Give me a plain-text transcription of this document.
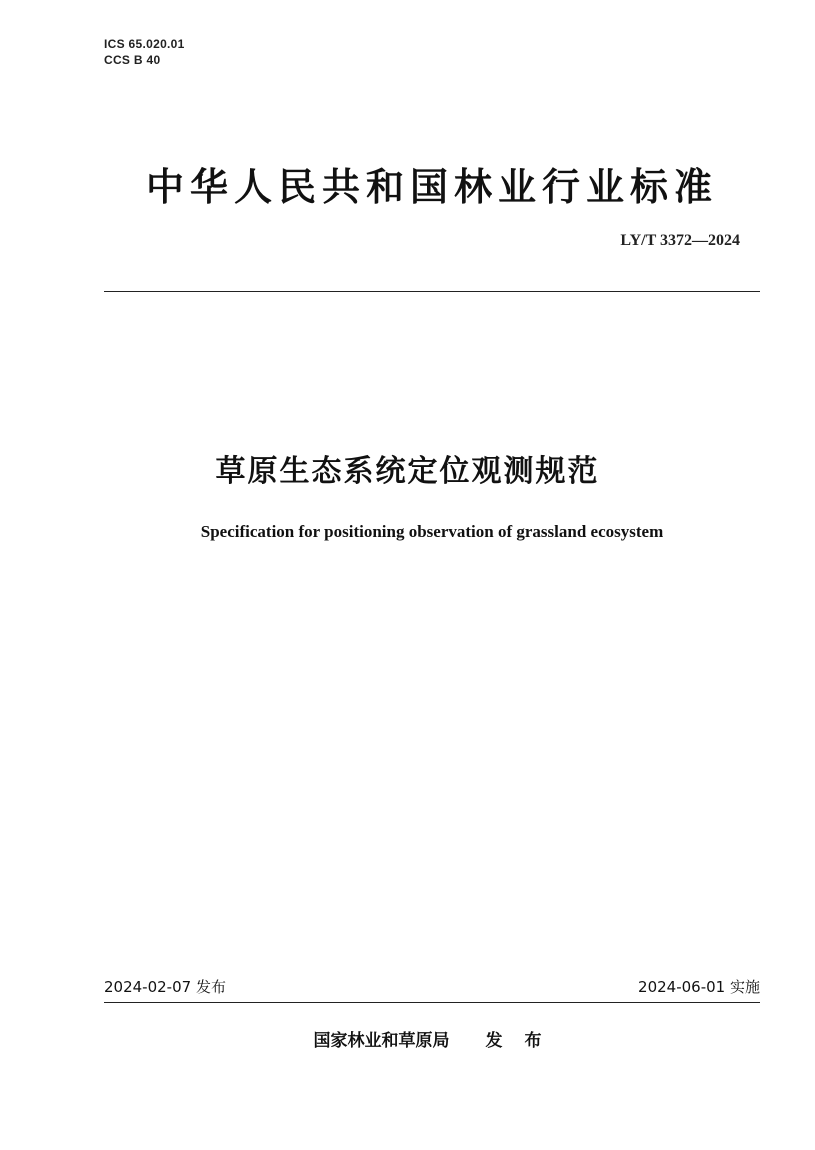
ICS 65.020.01
CCS B 40
中华人民共和国林业行业标准
LY/T 3372—2024
草原生态系统定位观测规范
Specification for positioning observation of grassland ecosystem
2024-02-07 发布	2024-06-01 实施
国家林业和草原局 发 布
